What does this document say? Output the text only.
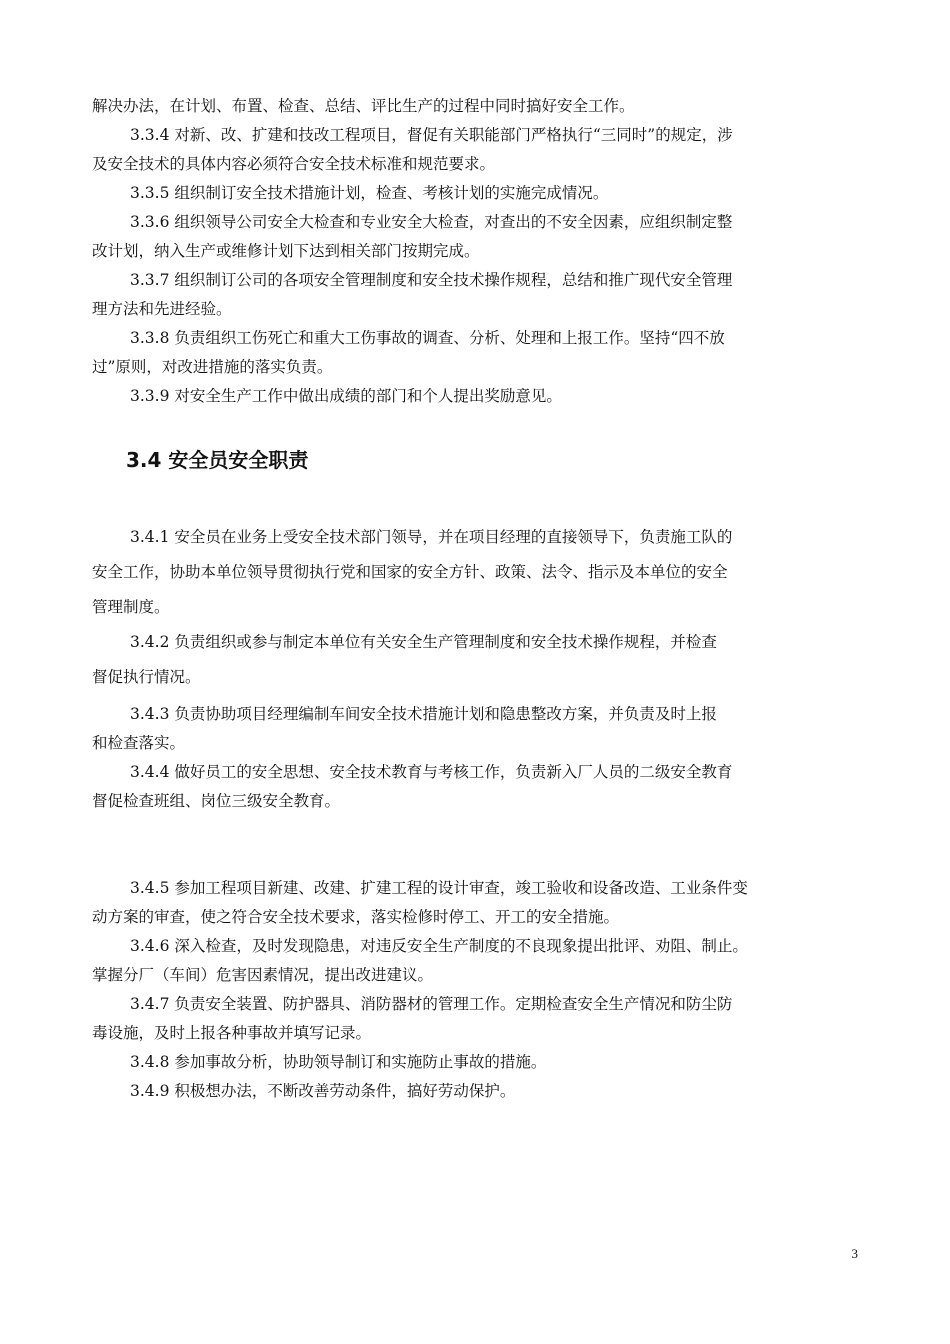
解决办法，在计划、布置、检查、总结、评比生产的过程中同时搞好安全工作。
3.3.4 对新、改、扩建和技改工程项目，督促有关职能部门严格执行“三同时”的规定，涉
及安全技术的具体内容必须符合安全技术标准和规范要求。
3.3.5 组织制订安全技术措施计划，检查、考核计划的实施完成情况。
3.3.6 组织领导公司安全大检查和专业安全大检查，对查出的不安全因素，应组织制定整
改计划，纳入生产或维修计划下达到相关部门按期完成。
3.3.7 组织制订公司的各项安全管理制度和安全技术操作规程，总结和推广现代安全管理
理方法和先进经验。
3.3.8 负责组织工伤死亡和重大工伤事故的调查、分析、处理和上报工作。坚持“四不放
过”原则，对改进措施的落实负责。
3.3.9 对安全生产工作中做出成绩的部门和个人提出奖励意见。
3.4 安全员安全职责
3.4.1 安全员在业务上受安全技术部门领导，并在项目经理的直接领导下，负责施工队的
安全工作，协助本单位领导贯彻执行党和国家的安全方针、政策、法令、指示及本单位的安全
管理制度。
3.4.2 负责组织或参与制定本单位有关安全生产管理制度和安全技术操作规程，并检查
督促执行情况。
3.4.3 负责协助项目经理编制车间安全技术措施计划和隐患整改方案，并负责及时上报
和检查落实。
3.4.4 做好员工的安全思想、安全技术教育与考核工作，负责新入厂人员的二级安全教育
督促检查班组、岗位三级安全教育。
3.4.5 参加工程项目新建、改建、扩建工程的设计审查，竣工验收和设备改造、工业条件变
动方案的审查，使之符合安全技术要求，落实检修时停工、开工的安全措施。
3.4.6 深入检查，及时发现隐患，对违反安全生产制度的不良现象提出批评、劝阻、制止。
掌握分厂（车间）危害因素情况，提出改进建议。
3.4.7 负责安全装置、防护器具、消防器材的管理工作。定期检查安全生产情况和防尘防
毒设施，及时上报各种事故并填写记录。
3.4.8 参加事故分析，协助领导制订和实施防止事故的措施。
3.4.9 积极想办法，不断改善劳动条件，搞好劳动保护。
3
